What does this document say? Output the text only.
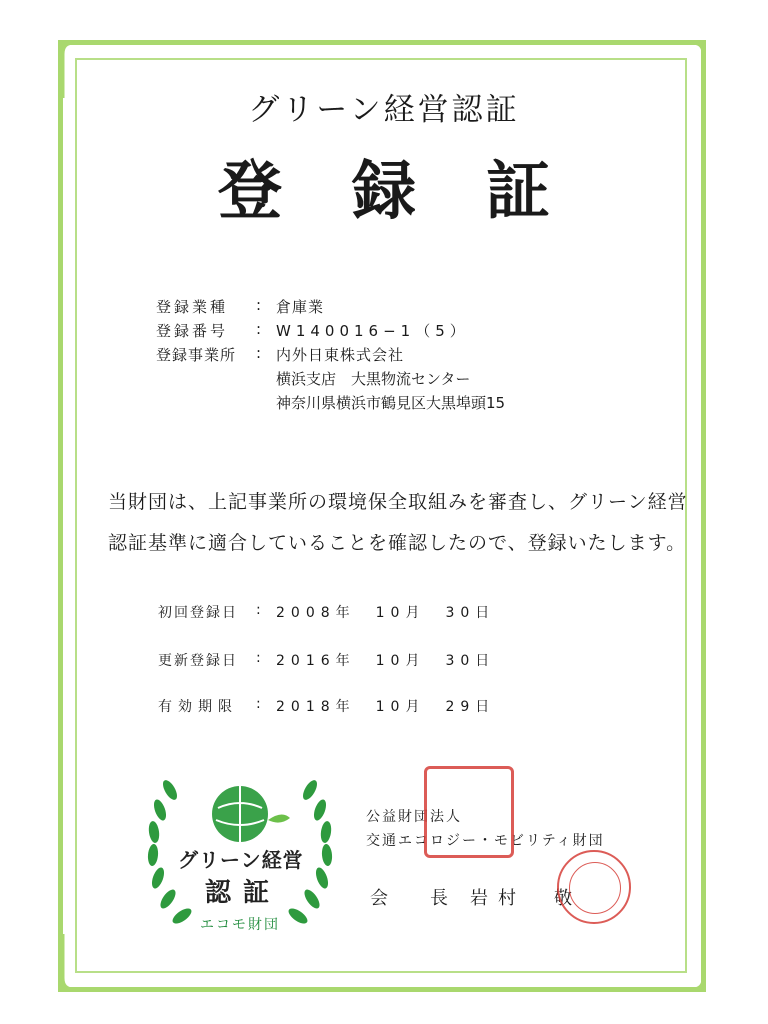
グリーン経営認証
登録証
登録業種 : 倉庫業
登録番号 : W140016−1（5）
登録事業所 : 内外日東株式会社
横浜支店　大黒物流センター
神奈川県横浜市鶴見区大黒埠頭15
当財団は、上記事業所の環境保全取組みを審査し、グリーン経営
認証基準に適合していることを確認したので、登録いたします。
初回登録日 : 2008年　10月　30日
更新登録日 : 2016年　10月　30日
有効期限 : 2018年　10月　29日
グリーン経営
認証
エコモ財団
公益財団法人
交通エコロジー・モビリティ財団
会　長 岩村　敬
